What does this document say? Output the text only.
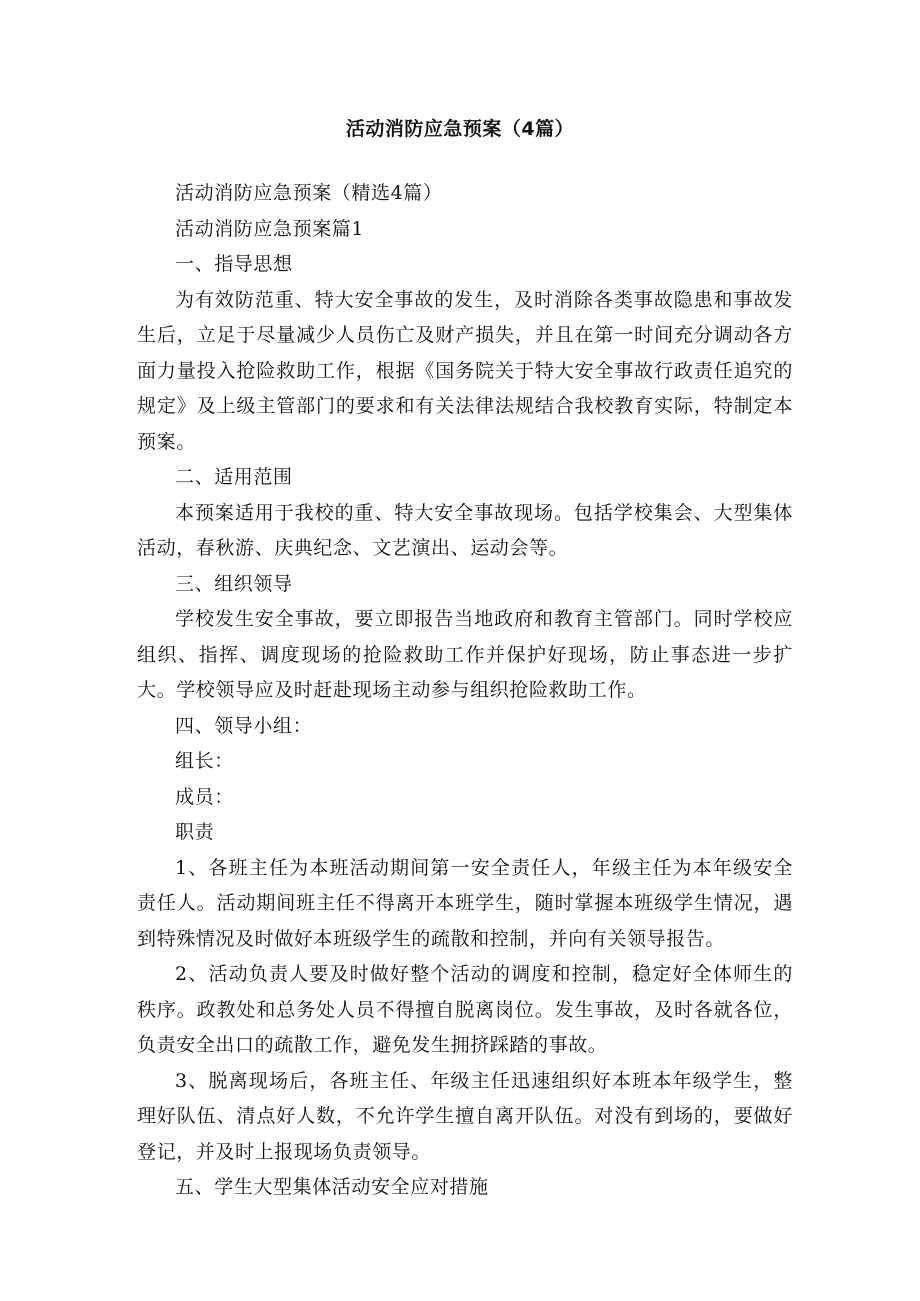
活动消防应急预案（4篇）

活动消防应急预案（精选4篇）

活动消防应急预案篇1

一、指导思想

为有效防范重、特大安全事故的发生，及时消除各类事故隐患和事故发生后，立足于尽量减少人员伤亡及财产损失，并且在第一时间充分调动各方面力量投入抢险救助工作，根据《国务院关于特大安全事故行政责任追究的规定》及上级主管部门的要求和有关法律法规结合我校教育实际，特制定本预案。

二、适用范围

本预案适用于我校的重、特大安全事故现场。包括学校集会、大型集体活动，春秋游、庆典纪念、文艺演出、运动会等。

三、组织领导

学校发生安全事故，要立即报告当地政府和教育主管部门。同时学校应组织、指挥、调度现场的抢险救助工作并保护好现场，防止事态进一步扩大。学校领导应及时赶赴现场主动参与组织抢险救助工作。

四、领导小组：

组长：

成员：

职责

1、各班主任为本班活动期间第一安全责任人，年级主任为本年级安全责任人。活动期间班主任不得离开本班学生，随时掌握本班级学生情况，遇到特殊情况及时做好本班级学生的疏散和控制，并向有关领导报告。

2、活动负责人要及时做好整个活动的调度和控制，稳定好全体师生的秩序。政教处和总务处人员不得擅自脱离岗位。发生事故，及时各就各位，负责安全出口的疏散工作，避免发生拥挤踩踏的事故。

3、脱离现场后，各班主任、年级主任迅速组织好本班本年级学生，整理好队伍、清点好人数，不允许学生擅自离开队伍。对没有到场的，要做好登记，并及时上报现场负责领导。

五、学生大型集体活动安全应对措施
